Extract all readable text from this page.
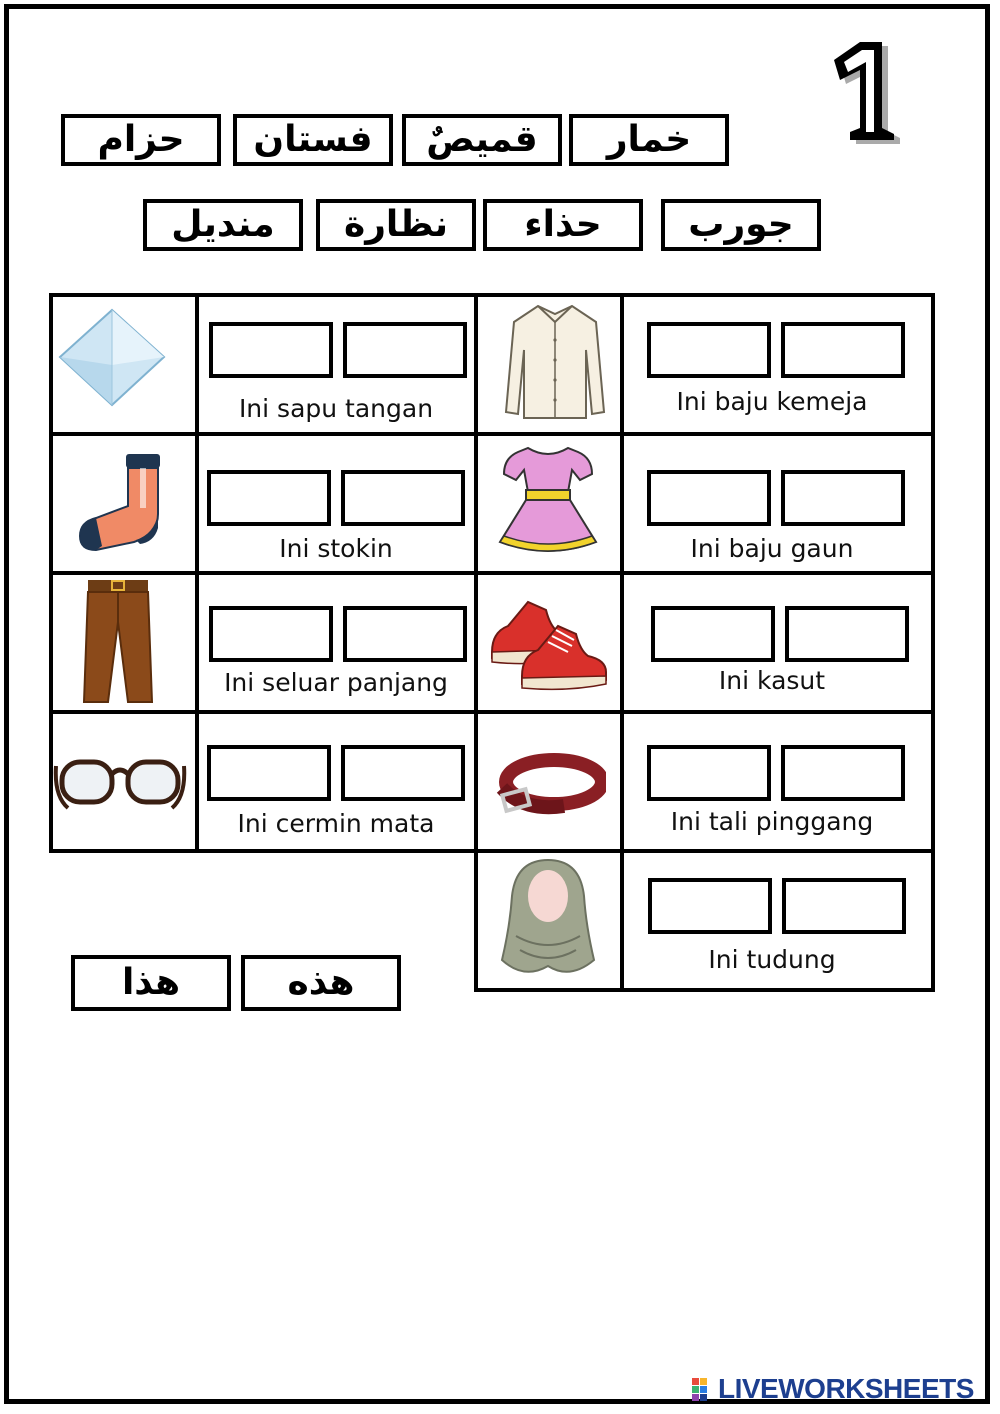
حزام	فستان	قميصٌ	خمار
منديل	نظارة	حذاء	جورب
Ini sapu tangan	Ini baju kemeja
Ini stokin	Ini baju gaun
Ini seluar panjang	Ini kasut
Ini cermin mata	Ini tali pinggang
Ini tudung
هذا	هذه
LIVEWORKSHEETS
